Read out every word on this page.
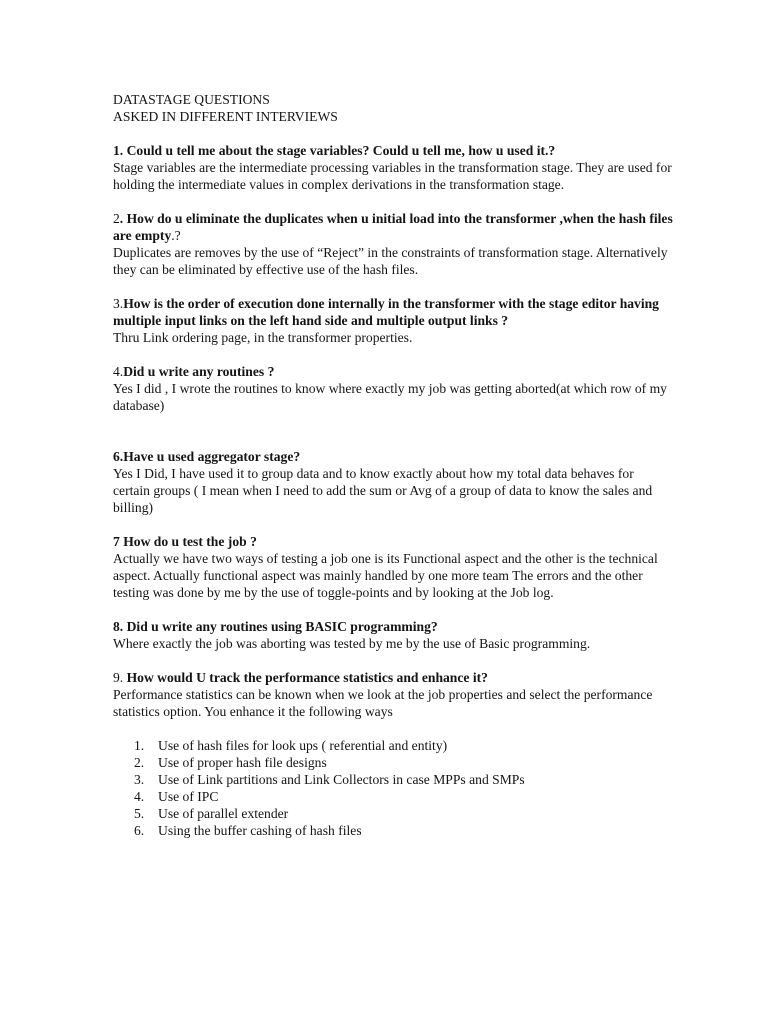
DATASTAGE QUESTIONS

ASKED IN DIFFERENT INTERVIEWS

1. Could u tell me about the stage variables? Could u tell me, how u used it.?

Stage variables are the intermediate processing variables in the transformation stage. They are used for holding the intermediate values in complex derivations in the transformation stage.

2. How do u eliminate the duplicates when u initial load into the transformer ,when the hash files are empty.?

Duplicates are removes by the use of “Reject” in the constraints of transformation stage. Alternatively they can be eliminated by effective use of the hash files.

3.How is the order of execution done internally in the transformer with the stage editor having multiple input links on the left hand side and multiple output links ?

Thru Link ordering page, in the transformer properties.

4.Did u write any routines ?

Yes I did , I wrote the routines to know where exactly my job was getting aborted(at which row of my database)

6.Have u used aggregator stage?

Yes I Did, I have used it to group data and to know exactly about how my total data behaves for certain groups ( I mean when I need to add the sum or Avg of a group of data to know the sales and billing)

7 How do u test the job ?

Actually we have two ways of testing a job one is its Functional aspect and the other is the technical aspect. Actually functional aspect was mainly handled by one more team The errors and the other testing was done by me by the use of toggle-points and by looking at the Job log.

8. Did u write any routines using BASIC programming?

Where exactly the job was aborting was tested by me by the use of Basic programming.

9. How would U track the performance statistics and enhance it?

Performance statistics can be known when we look at the job properties and select the performance statistics option. You enhance it the following ways

1. Use of hash files for look ups ( referential and entity)
2. Use of proper hash file designs
3. Use of Link partitions and Link Collectors in case MPPs and SMPs
4. Use of IPC
5. Use of parallel extender
6. Using the buffer cashing of hash files
